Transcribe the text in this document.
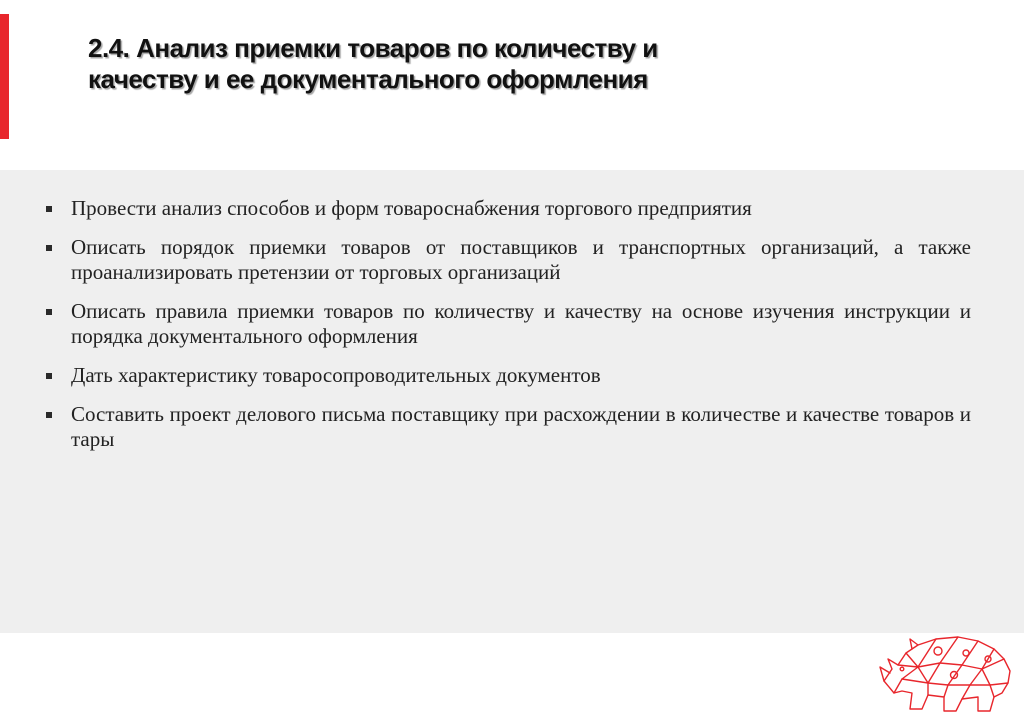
2.4. Анализ приемки товаров по количеству и
качеству и ее документального оформления
Провести анализ способов и форм товароснабжения торгового предприятия
Описать порядок приемки товаров от поставщиков и транспортных организаций, а также проанализировать претензии от торговых организаций
Описать правила приемки товаров по количеству и качеству на основе изучения инструкции и порядка документального оформления
Дать характеристику товаросопроводительных документов
Составить проект делового письма поставщику при расхождении в количестве и качестве товаров и тары
